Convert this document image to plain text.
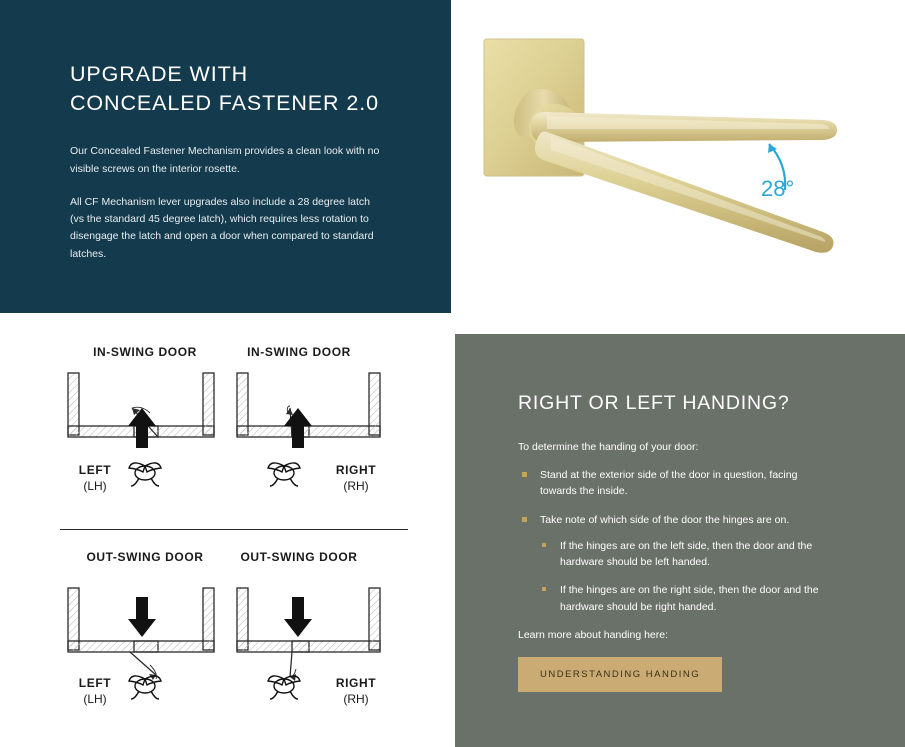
UPGRADE WITH CONCEALED FASTENER 2.0

Our Concealed Fastener Mechanism provides a clean look with no visible screws on the interior rosette.

All CF Mechanism lever upgrades also include a 28 degree latch (vs the standard 45 degree latch), which requires less rotation to disengage the latch and open a door when compared to standard latches.

28°
IN-SWING DOOR	IN-SWING DOOR
OUT-SWING DOOR	OUT-SWING DOOR
LEFT
(LH)
RIGHT
(RH)
LEFT
(LH)
RIGHT
(RH)
RIGHT OR LEFT HANDING?
To determine the handing of your door:
Stand at the exterior side of the door in question, facing towards the inside.
Take note of which side of the door the hinges are on.
If the hinges are on the left side, then the door and the hardware should be left handed.
If the hinges are on the right side, then the door and the hardware should be right handed.
Learn more about handing here:
UNDERSTANDING HANDING
